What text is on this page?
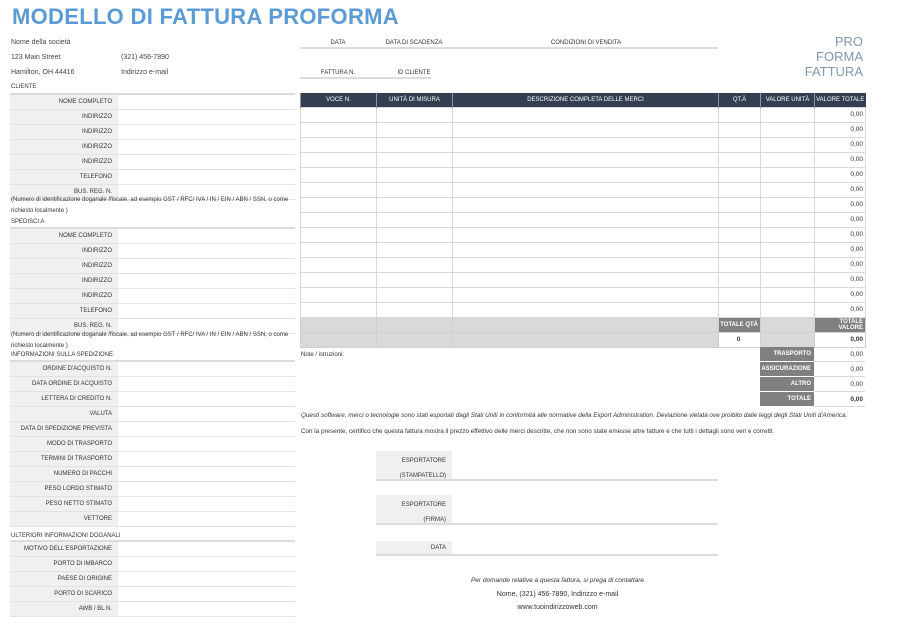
MODELLO DI FATTURA PROFORMA
Nome della società
123 Main Street	(321) 456-7890
Hamilton, OH 44416	Indirizzo e-mail
CLIENTE
NOME COMPLETO
INDIRIZZO
INDIRIZZO
INDIRIZZO
INDIRIZZO
TELEFONO
BUS. REG. N.
(Numero di identificazione doganale /fiscale, ad esempio GST / RFC/ IVA / IN / EIN / ABN / SSN, o come richiesto localmente )
SPEDISCI A
NOME COMPLETO
INDIRIZZO
INDIRIZZO
INDIRIZZO
INDIRIZZO
TELEFONO
BUS. REG. N.
(Numero di identificazione doganale /fiscale, ad esempio GST / RFC/ IVA / IN / EIN / ABN / SSN, o come richiesto localmente )
INFORMAZIONI SULLA SPEDIZIONE
ORDINE D'ACQUISTO N.
DATA ORDINE DI ACQUISTO
LETTERA DI CREDITO N.
VALUTA
DATA DI SPEDIZIONE PREVISTA
MODO DI TRASPORTO
TERMINI DI TRASPORTO
NUMERO DI PACCHI
PESO LORDO STIMATO
PESO NETTO STIMATO
VETTORE
ULTERIORI INFORMAZIONI DOGANALI
MOTIVO DELL'ESPORTAZIONE
PORTO DI IMBARCO
PAESE DI ORIGINE
PORTO DI SCARICO
AWB / BL N.
DATA	DATA DI SCADENZA	CONDIZIONI DI VENDITA
FATTURA N.	ID CLIENTE
PRO
FORMA
FATTURA
VOCE N.	UNITÀ DI MISURA	DESCRIZIONE COMPLETA DELLE MERCI	QT.À	VALORE UNITÀ	VALORE TOTALE
					0,00
					0,00
					0,00
					0,00
					0,00
					0,00
					0,00
					0,00
					0,00
					0,00
					0,00
					0,00
					0,00
					0,00
			TOTALE QTÀ		TOTALE VALORE
			0		0,00
Note / istruzioni:	TRASPORTO	0,00
ASSICURAZIONE	0,00
ALTRO	0,00
TOTALE	0,00
Questi software, merci o tecnologie sono stati esportati dagli Stati Uniti in conformità alle normative della Export Administration. Deviazione vietata ove proibito dalle leggi degli Stati Uniti d'America.
Con la presente, certifico che questa fattura mostra il prezzo effettivo delle merci descritte, che non sono state emesse altre fatture e che tutti i dettagli sono veri e corretti.
ESPORTATORE
(STAMPATELLO)
ESPORTATORE
(FIRMA)
DATA
Per domande relative a questa fattura, si prega di contattare
Nome, (321) 456-7890, Indirizzo e-mail
www.tuoindirizzoweb.com
